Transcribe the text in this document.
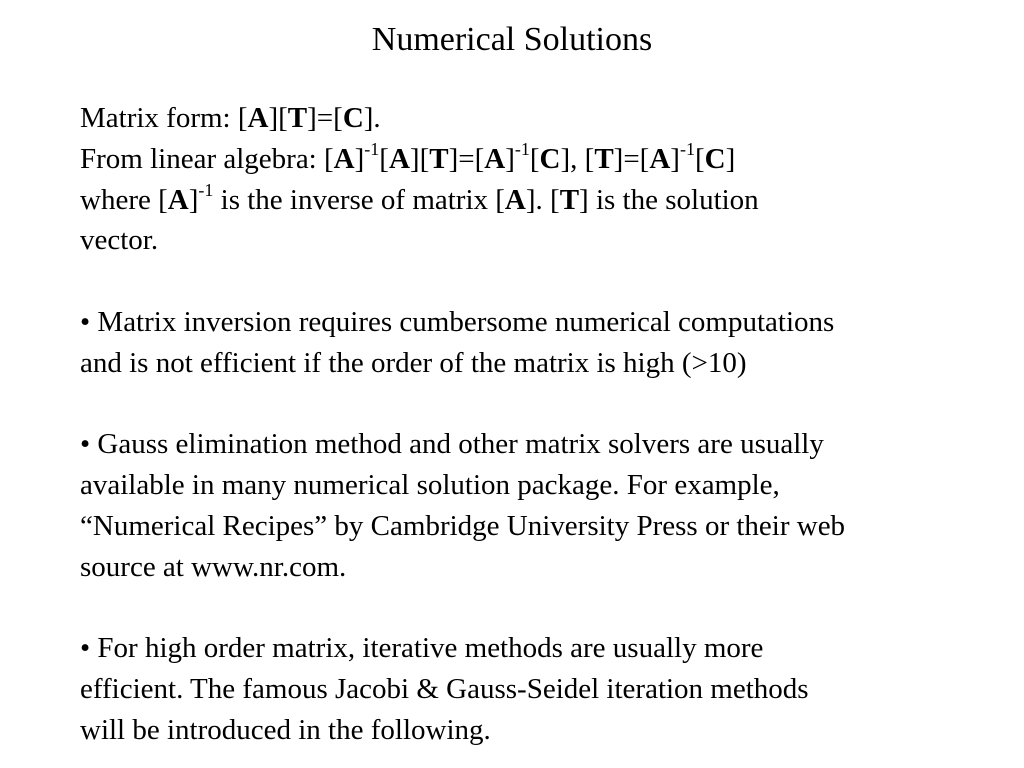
Numerical Solutions
Matrix form: [A][T]=[C].
From linear algebra: $[A]^{-1}[A][T]=[A]^{-1}[C]$, $[T]=[A]^{-1}[C]$
where $[A]^{-1}$ is the inverse of matrix [A]. [T] is the solution
vector.
• Matrix inversion requires cumbersome numerical computations
and is not efficient if the order of the matrix is high (>10)
• Gauss elimination method and other matrix solvers are usually
available in many numerical solution package. For example,
“Numerical Recipes” by Cambridge University Press or their web
source at www.nr.com.
• For high order matrix, iterative methods are usually more
efficient. The famous Jacobi & Gauss-Seidel iteration methods
will be introduced in the following.
